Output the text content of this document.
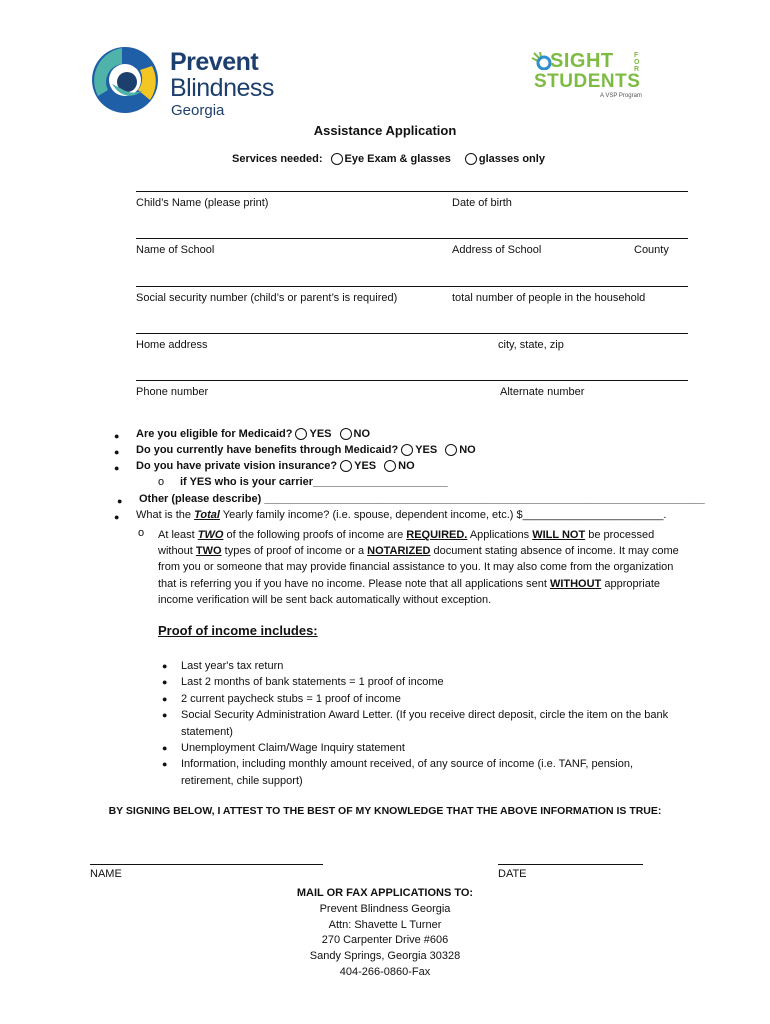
Prevent
Blindness
Georgia
SIGHT	FOR
STUDENTS
A VSP Program
Assistance Application
Services needed: Eye Exam & glasses	glasses only
Child’s Name (please print)	Date of birth
Name of School	Address of School	County
Social security number (child’s or parent’s is required)	total number of people in the household
Home address	city, state, zip
Phone number	Alternate number
● Are you eligible for Medicaid? YES NO
● Do you currently have benefits through Medicaid? YES NO
● Do you have private vision insurance? YES NO
o if YES who is your carrier______________________
● Other (please describe) ________________________________________________________________________
● What is the Total Yearly family income? (i.e. spouse, dependent income, etc.) $_______________________.
o At least TWO of the following proofs of income are REQUIRED. Applications WILL NOT be processed without TWO types of proof of income or a NOTARIZED document stating absence of income. It may come from you or someone that may provide financial assistance to you. It may also come from the organization that is referring you if you have no income. Please note that all applications sent WITHOUT appropriate income verification will be sent back automatically without exception.
Proof of income includes:
●	Last year's tax return
●	Last 2 months of bank statements = 1 proof of income
●	2 current paycheck stubs = 1 proof of income
●	Social Security Administration Award Letter. (If you receive direct deposit, circle the item on the bank statement)
●	Unemployment Claim/Wage Inquiry statement
●	Information, including monthly amount received, of any source of income (i.e. TANF, pension, retirement, chile support)
BY SIGNING BELOW, I ATTEST TO THE BEST OF MY KNOWLEDGE THAT THE ABOVE INFORMATION IS TRUE:
NAME	DATE
MAIL OR FAX APPLICATIONS TO:
Prevent Blindness Georgia
Attn: Shavette L Turner
270 Carpenter Drive #606
Sandy Springs, Georgia 30328
404-266-0860-Fax
